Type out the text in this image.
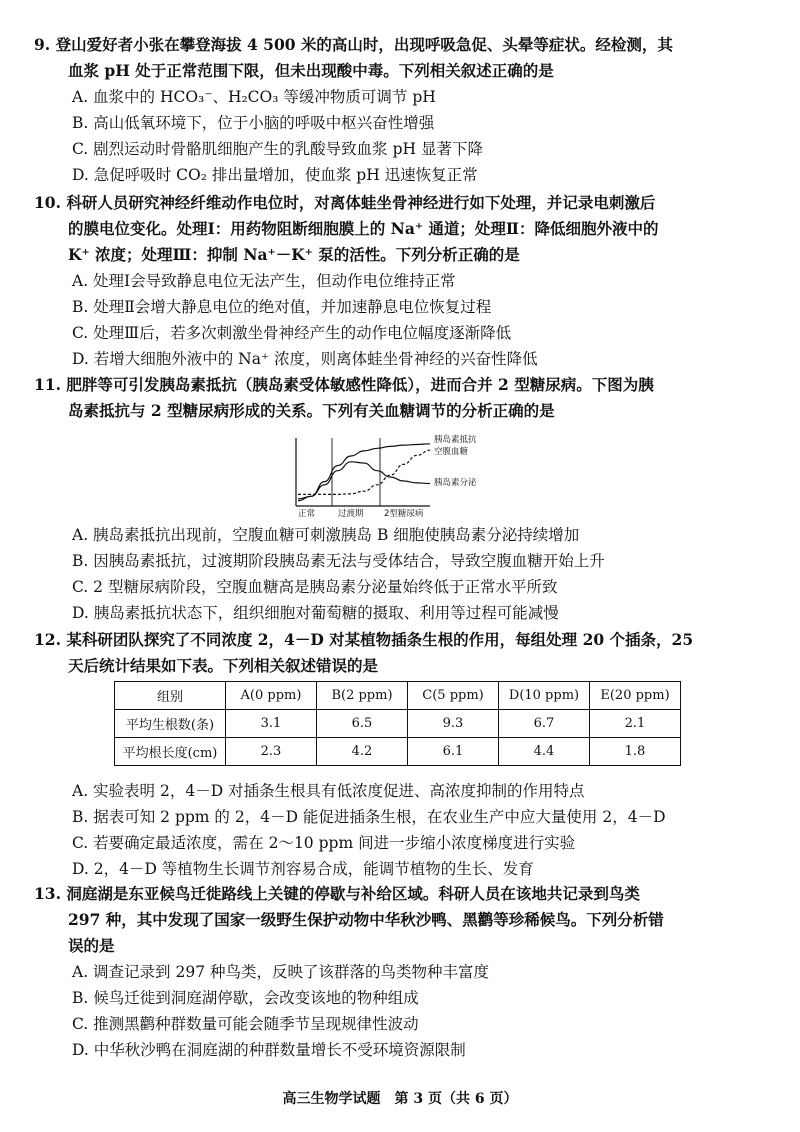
9. 登山爱好者小张在攀登海拔 4 500 米的高山时，出现呼吸急促、头晕等症状。经检测，其
血浆 pH 处于正常范围下限，但未出现酸中毒。下列相关叙述正确的是
A. 血浆中的 HCO₃⁻、H₂CO₃ 等缓冲物质可调节 pH
B. 高山低氧环境下，位于小脑的呼吸中枢兴奋性增强
C. 剧烈运动时骨骼肌细胞产生的乳酸导致血浆 pH 显著下降
D. 急促呼吸时 CO₂ 排出量增加，使血浆 pH 迅速恢复正常
10. 科研人员研究神经纤维动作电位时，对离体蛙坐骨神经进行如下处理，并记录电刺激后
的膜电位变化。处理Ⅰ：用药物阻断细胞膜上的 Na⁺ 通道；处理Ⅱ：降低细胞外液中的
K⁺ 浓度；处理Ⅲ：抑制 Na⁺－K⁺ 泵的活性。下列分析正确的是
A. 处理Ⅰ会导致静息电位无法产生，但动作电位维持正常
B. 处理Ⅱ会增大静息电位的绝对值，并加速静息电位恢复过程
C. 处理Ⅲ后，若多次刺激坐骨神经产生的动作电位幅度逐渐降低
D. 若增大细胞外液中的 Na⁺ 浓度，则离体蛙坐骨神经的兴奋性降低
11. 肥胖等可引发胰岛素抵抗（胰岛素受体敏感性降低），进而合并 2 型糖尿病。下图为胰
岛素抵抗与 2 型糖尿病形成的关系。下列有关血糖调节的分析正确的是
正常	过渡期 2型糖尿病
胰岛素抵抗
空腹血糖
胰岛素分泌
A. 胰岛素抵抗出现前，空腹血糖可刺激胰岛 B 细胞使胰岛素分泌持续增加
B. 因胰岛素抵抗，过渡期阶段胰岛素无法与受体结合，导致空腹血糖开始上升
C. 2 型糖尿病阶段，空腹血糖高是胰岛素分泌量始终低于正常水平所致
D. 胰岛素抵抗状态下，组织细胞对葡萄糖的摄取、利用等过程可能减慢
12. 某科研团队探究了不同浓度 2，4－D 对某植物插条生根的作用，每组处理 20 个插条，25
天后统计结果如下表。下列相关叙述错误的是
组别	A(0 ppm)	B(2 ppm)	C(5 ppm)	D(10 ppm)	E(20 ppm)
平均生根数(条)	3.1	6.5	9.3	6.7	2.1
平均根长度(cm)	2.3	4.2	6.1	4.4	1.8
A. 实验表明 2，4－D 对插条生根具有低浓度促进、高浓度抑制的作用特点
B. 据表可知 2 ppm 的 2，4－D 能促进插条生根，在农业生产中应大量使用 2，4－D
C. 若要确定最适浓度，需在 2～10 ppm 间进一步缩小浓度梯度进行实验
D. 2，4－D 等植物生长调节剂容易合成，能调节植物的生长、发育
13. 洞庭湖是东亚候鸟迁徙路线上关键的停歇与补给区域。科研人员在该地共记录到鸟类
297 种，其中发现了国家一级野生保护动物中华秋沙鸭、黑鹳等珍稀候鸟。下列分析错
误的是
A. 调查记录到 297 种鸟类，反映了该群落的鸟类物种丰富度
B. 候鸟迁徙到洞庭湖停歇，会改变该地的物种组成
C. 推测黑鹳种群数量可能会随季节呈现规律性波动
D. 中华秋沙鸭在洞庭湖的种群数量增长不受环境资源限制
高三生物学试题　第 3 页（共 6 页）
